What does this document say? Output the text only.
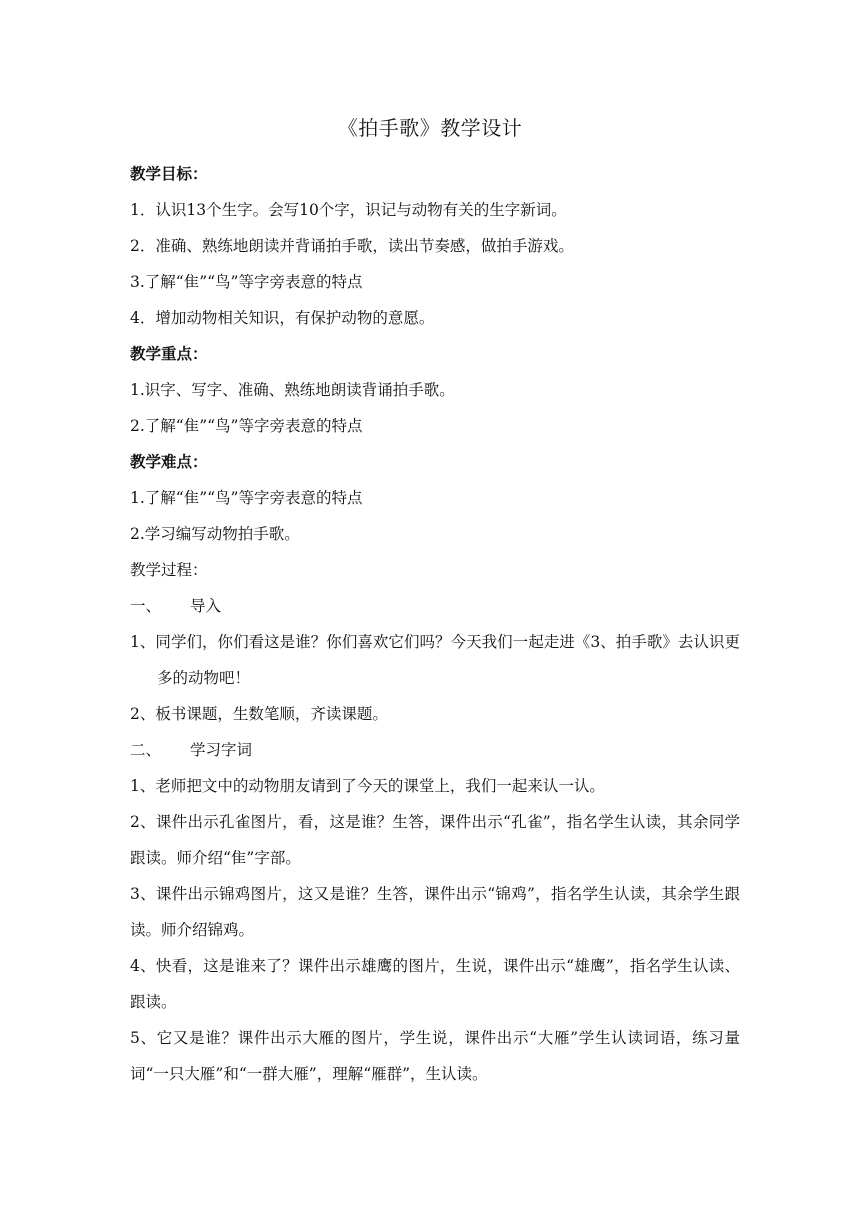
《拍手歌》教学设计
教学目标：
1．认识13个生字。会写10个字，识记与动物有关的生字新词。
2．准确、熟练地朗读并背诵拍手歌，读出节奏感，做拍手游戏。
3.了解“隹”“鸟”等字旁表意的特点
4．增加动物相关知识，有保护动物的意愿。
教学重点：
1.识字、写字、准确、熟练地朗读背诵拍手歌。
2.了解“隹”“鸟”等字旁表意的特点
教学难点：
1.了解“隹”“鸟”等字旁表意的特点
2.学习编写动物拍手歌。
教学过程：
一、 导入
1、同学们，你们看这是谁？你们喜欢它们吗？今天我们一起走进《3、拍手歌》去认识更多的动物吧！
2、板书课题，生数笔顺，齐读课题。
二、 学习字词
1、老师把文中的动物朋友请到了今天的课堂上，我们一起来认一认。
2、课件出示孔雀图片，看，这是谁？生答，课件出示“孔雀”，指名学生认读，其余同学跟读。师介绍“隹”字部。
3、课件出示锦鸡图片，这又是谁？生答，课件出示“锦鸡”，指名学生认读，其余学生跟读。师介绍锦鸡。
4、快看，这是谁来了？课件出示雄鹰的图片，生说，课件出示“雄鹰”，指名学生认读、跟读。
5、它又是谁？课件出示大雁的图片，学生说，课件出示“大雁”学生认读词语，练习量词“一只大雁”和“一群大雁”，理解“雁群”，生认读。
